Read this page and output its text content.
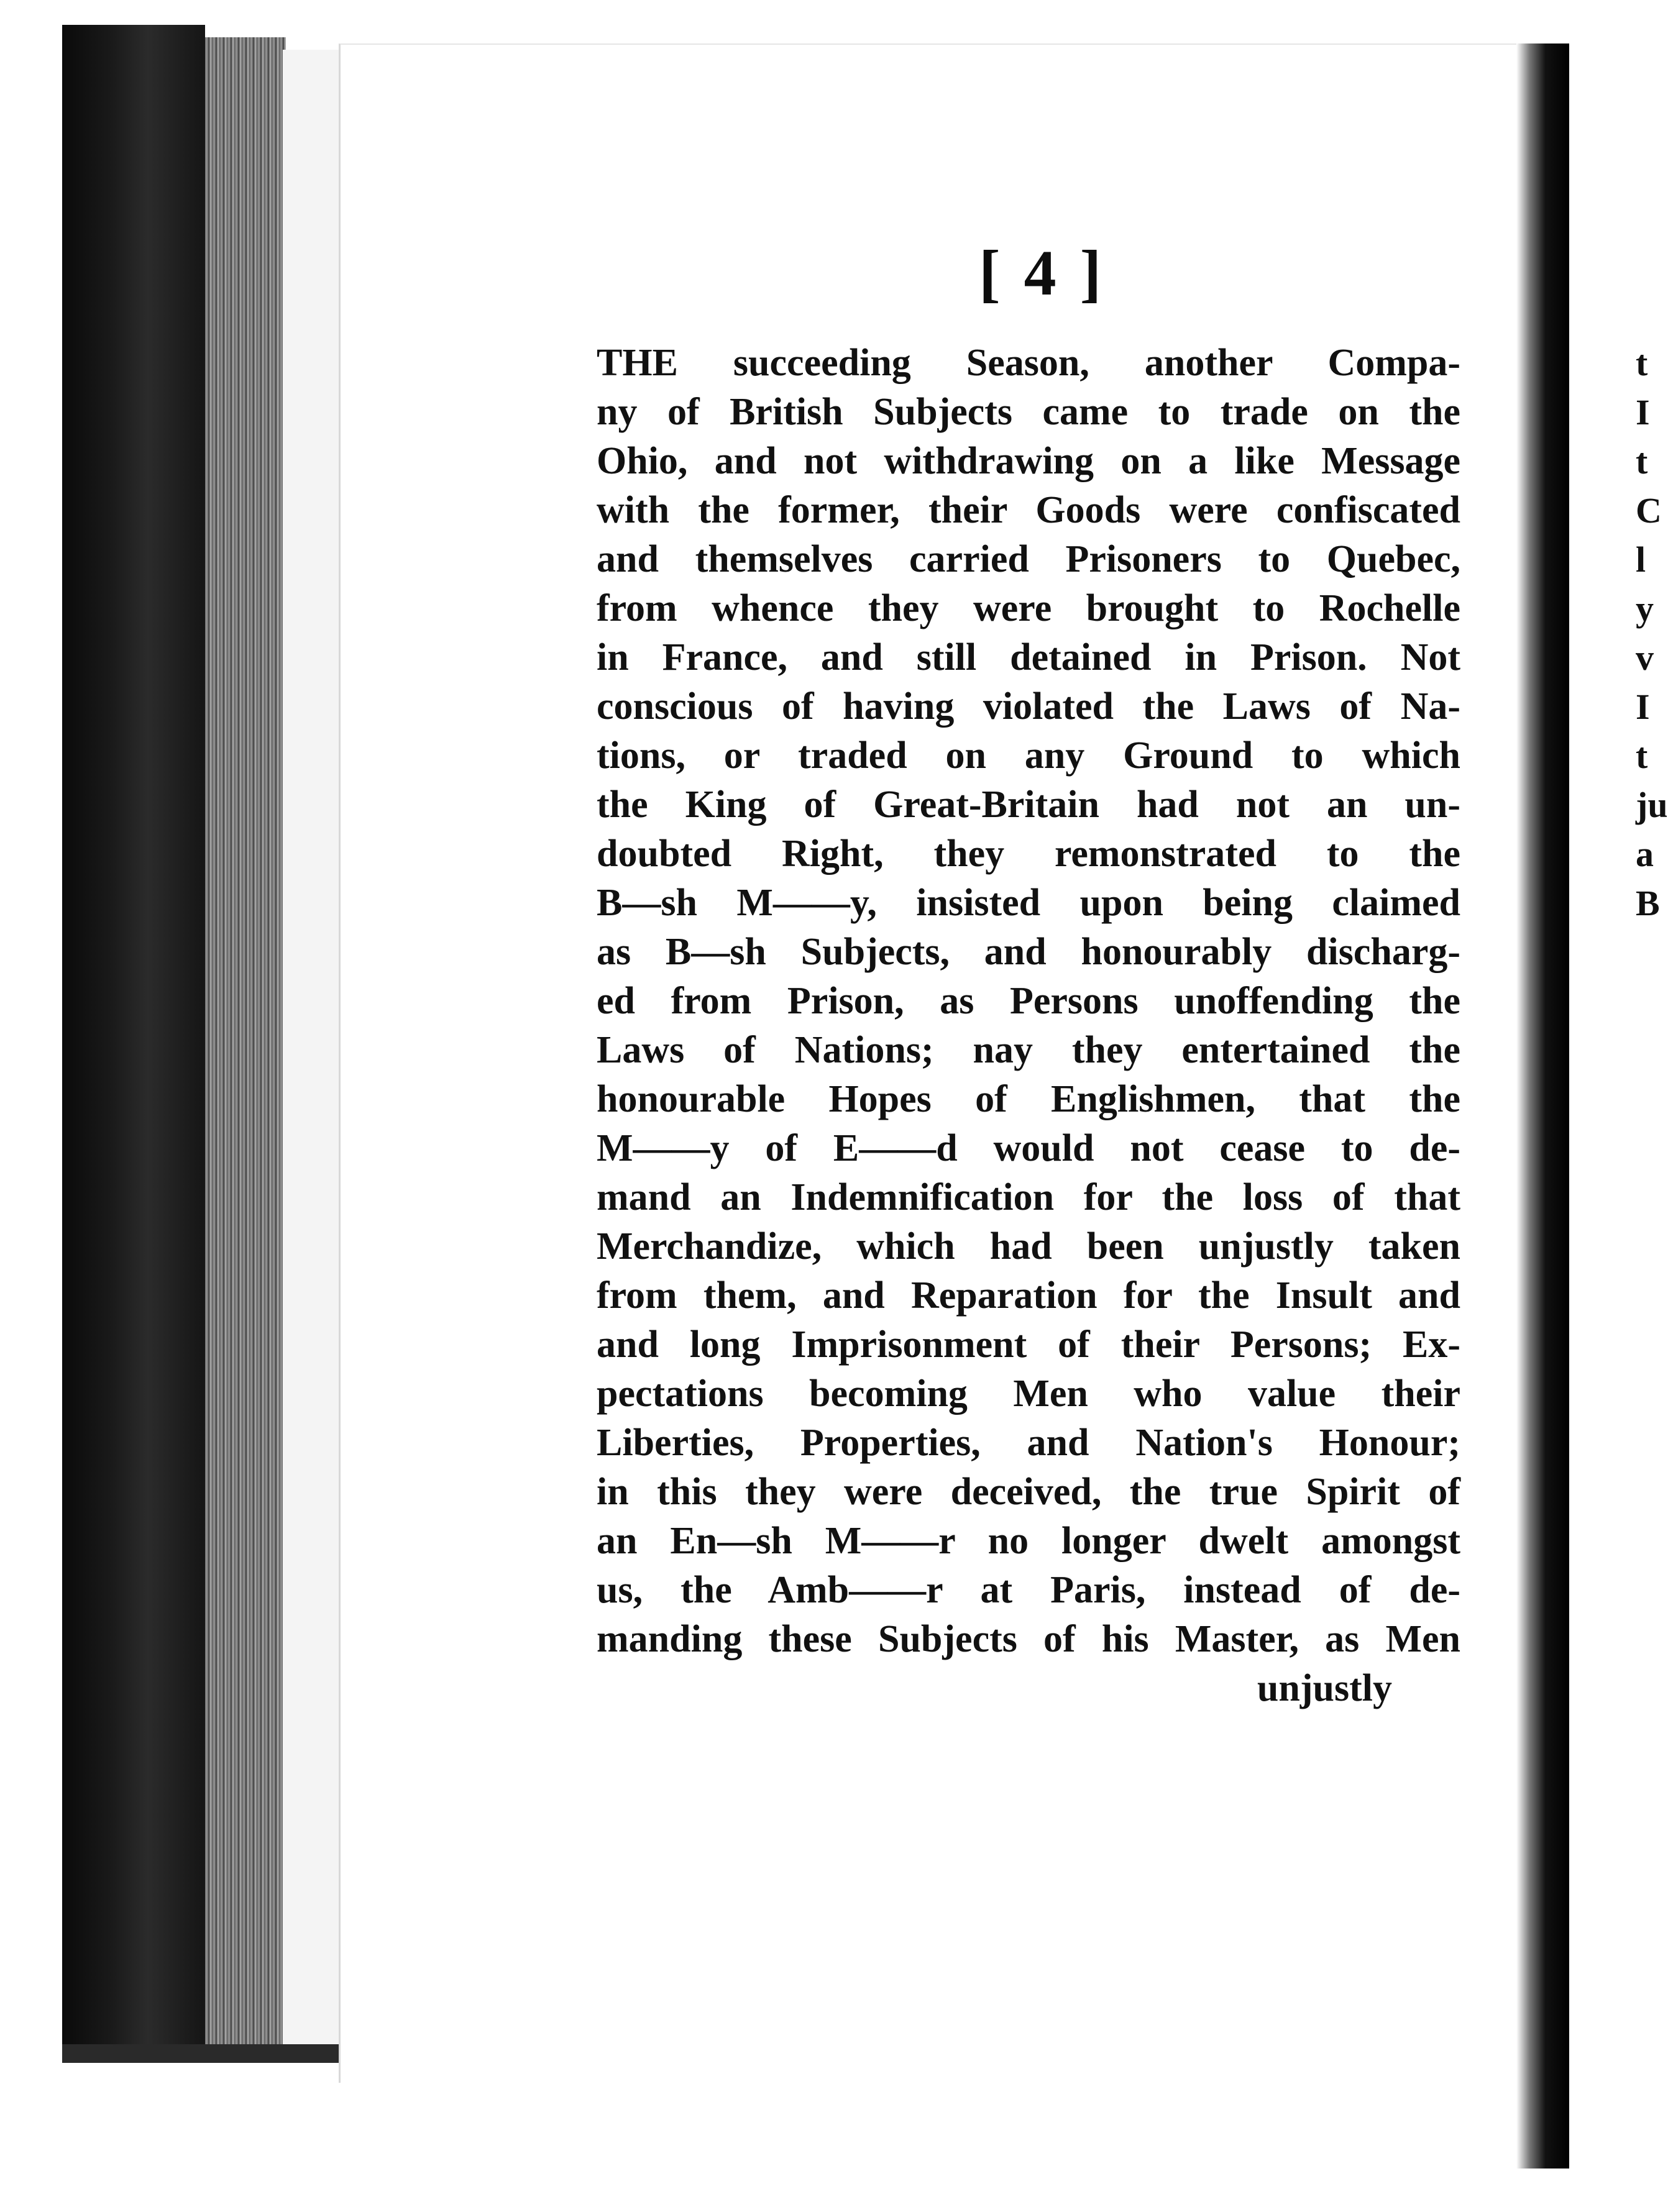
[ 4 ]
THE succeeding Season, another Compa-
ny of British Subjects came to trade on the
Ohio, and not withdrawing on a like Message
with the former, their Goods were confiscated
and themselves carried Prisoners to Quebec,
from whence they were brought to Rochelle
in France, and still detained in Prison. Not
conscious of having violated the Laws of Na-
tions, or traded on any Ground to which
the King of Great-Britain had not an un-
doubted Right, they remonstrated to the
B—sh M——y, insisted upon being claimed
as B—sh Subjects, and honourably discharg-
ed from Prison, as Persons unoffending the
Laws of Nations; nay they entertained the
honourable Hopes of Englishmen, that the
M——y of E——d would not cease to de-
mand an Indemnification for the loss of that
Merchandize, which had been unjustly taken
from them, and Reparation for the Insult and
and long Imprisonment of their Persons; Ex-
pectations becoming Men who value their
Liberties, Properties, and Nation's Honour;
in this they were deceived, the true Spirit of
an En—sh M——r no longer dwelt amongst
us, the Amb——r at Paris, instead of de-
manding these Subjects of his Master, as Men
unjustly
t
I
t
C
l
y
v
I
t
ju
a
B
